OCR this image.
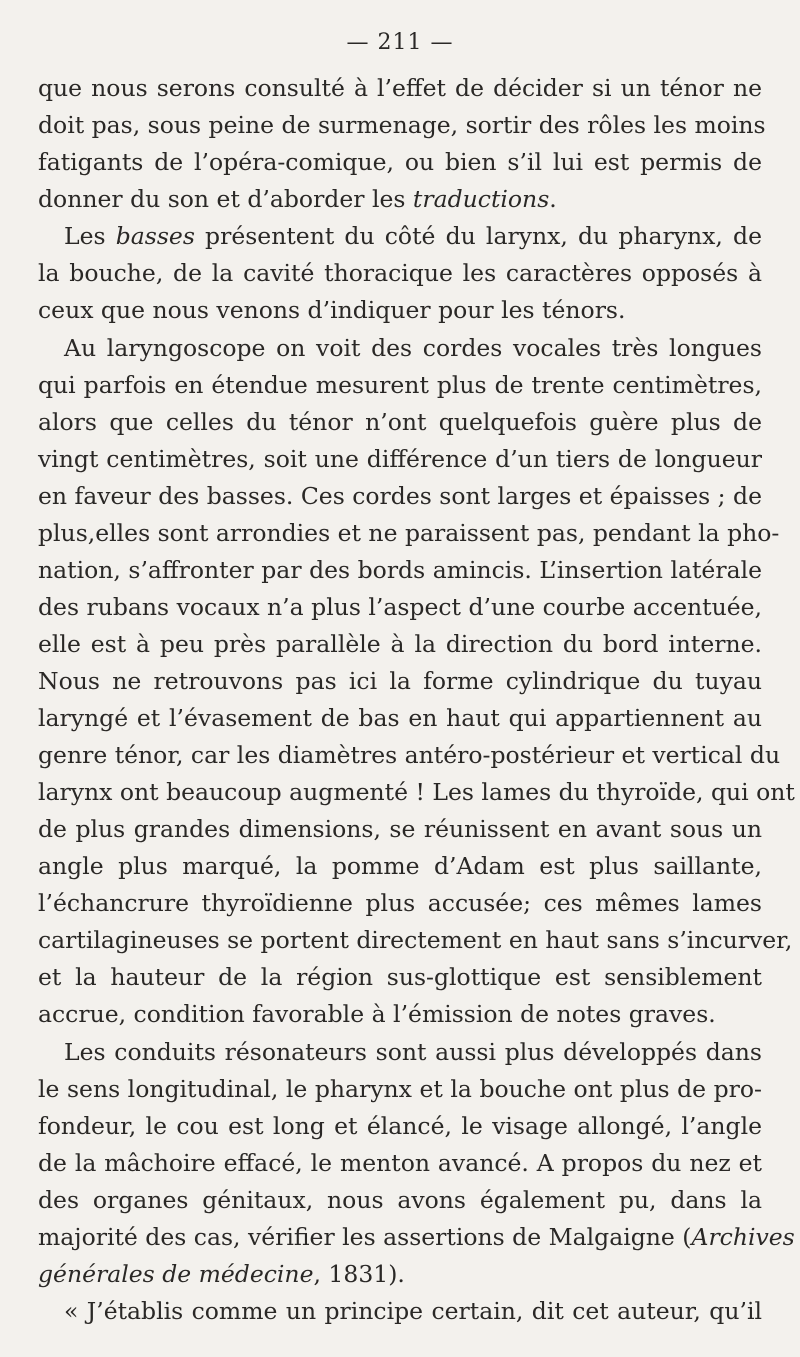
— 211 —
que nous serons consulté à l’effet de décider si un ténor ne
doit pas, sous peine de surmenage, sortir des rôles les moins
fatigants de l’opéra-comique, ou bien s’il lui est permis de
donner du son et d’aborder les traductions.
Les basses présentent du côté du larynx, du pharynx, de
la bouche, de la cavité thoracique les caractères opposés à
ceux que nous venons d’indiquer pour les ténors.
Au laryngoscope on voit des cordes vocales très longues
qui parfois en étendue mesurent plus de trente centimètres,
alors que celles du ténor n’ont quelquefois guère plus de
vingt centimètres, soit une différence d’un tiers de longueur
en faveur des basses. Ces cordes sont larges et épaisses ; de
plus,elles sont arrondies et ne paraissent pas, pendant la pho-
nation, s’affronter par des bords amincis. L’insertion latérale
des rubans vocaux n’a plus l’aspect d’une courbe accentuée,
elle est à peu près parallèle à la direction du bord interne.
Nous ne retrouvons pas ici la forme cylindrique du tuyau
laryngé et l’évasement de bas en haut qui appartiennent au
genre ténor, car les diamètres antéro-postérieur et vertical du
larynx ont beaucoup augmenté ! Les lames du thyroïde, qui ont
de plus grandes dimensions, se réunissent en avant sous un
angle plus marqué, la pomme d’Adam est plus saillante,
l’échancrure thyroïdienne plus accusée; ces mêmes lames
cartilagineuses se portent directement en haut sans s’incurver,
et la hauteur de la région sus-glottique est sensiblement
accrue, condition favorable à l’émission de notes graves.
Les conduits résonateurs sont aussi plus développés dans
le sens longitudinal, le pharynx et la bouche ont plus de pro-
fondeur, le cou est long et élancé, le visage allongé, l’angle
de la mâchoire effacé, le menton avancé. A propos du nez et
des organes génitaux, nous avons également pu, dans la
majorité des cas, vérifier les assertions de Malgaigne (Archives
générales de médecine, 1831).
« J’établis comme un principe certain, dit cet auteur, qu’il
